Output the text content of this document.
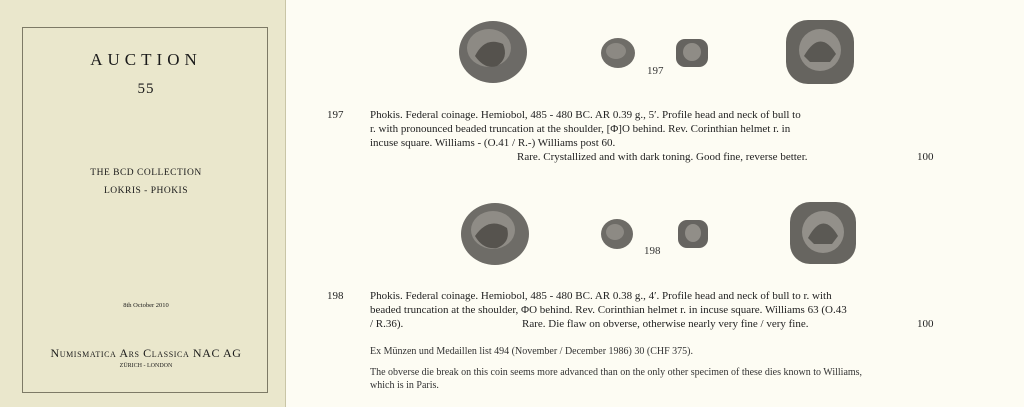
AUCTION
55
THE BCD COLLECTION
LOKRIS - PHOKIS
8th October 2010
Numismatica Ars Classica NAC AG
ZÜRICH - LONDON
197
197 Phokis. Federal coinage. Hemiobol, 485 - 480 BC. AR 0.39 g., 5′. Profile head and neck of bull to
r. with pronounced beaded truncation at the shoulder, [Φ]O behind. Rev. Corinthian helmet r. in
incuse square. Williams - (O.41 / R.-) Williams post 60.
Rare. Crystallized and with dark toning. Good fine, reverse better.	100
198
198 Phokis. Federal coinage. Hemiobol, 485 - 480 BC. AR 0.38 g., 4′. Profile head and neck of bull to r. with
beaded truncation at the shoulder, ΦO behind. Rev. Corinthian helmet r. in incuse square. Williams 63 (O.43
/ R.36).	Rare. Die flaw on obverse, otherwise nearly very fine / very fine.	100
Ex Münzen und Medaillen list 494 (November / December 1986) 30 (CHF 375).
The obverse die break on this coin seems more advanced than on the only other specimen of these dies known to Williams,
which is in Paris.
